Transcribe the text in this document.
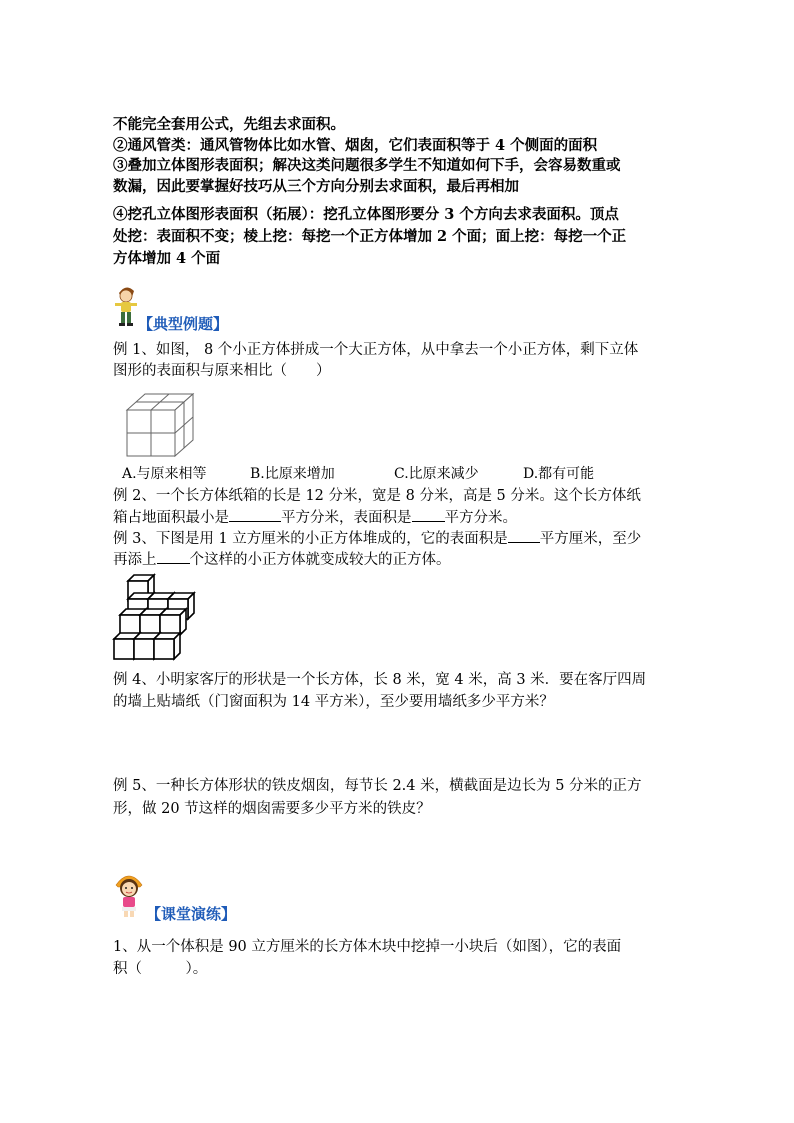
不能完全套用公式，先组去求面积。
②通风管类：通风管物体比如水管、烟囱，它们表面积等于 4 个侧面的面积
③叠加立体图形表面积；解决这类问题很多学生不知道如何下手，会容易数重或
数漏，因此要掌握好技巧从三个方向分别去求面积，最后再相加
④挖孔立体图形表面积（拓展）：挖孔立体图形要分 3 个方向去求表面积。顶点
处挖：表面积不变；棱上挖：每挖一个正方体增加 2 个面；面上挖：每挖一个正
方体增加 4 个面
【典型例题】
例 1、如图， 8 个小正方体拼成一个大正方体，从中拿去一个小正方体，剩下立体
图形的表面积与原来相比（　　）
A.与原来相等	B.比原来增加	C.比原来减少	D.都有可能
例 2、一个长方体纸箱的长是 12 分米，宽是 8 分米，高是 5 分米。这个长方体纸
箱占地面积最小是	平方分米，表面积是 平方分米。
例 3、下图是用 1 立方厘米的小正方体堆成的，它的表面积是 平方厘米，至少
再添上 个这样的小正方体就变成较大的正方体。
例 4、小明家客厅的形状是一个长方体，长 8 米，宽 4 米，高 3 米．要在客厅四周
的墙上贴墙纸（门窗面积为 14 平方米），至少要用墙纸多少平方米？
例 5、一种长方体形状的铁皮烟囱，每节长 2.4 米，横截面是边长为 5 分米的正方
形，做 20 节这样的烟囱需要多少平方米的铁皮？
【课堂演练】
1、从一个体积是 90 立方厘米的长方体木块中挖掉一小块后（如图），它的表面
积（　　　）。
